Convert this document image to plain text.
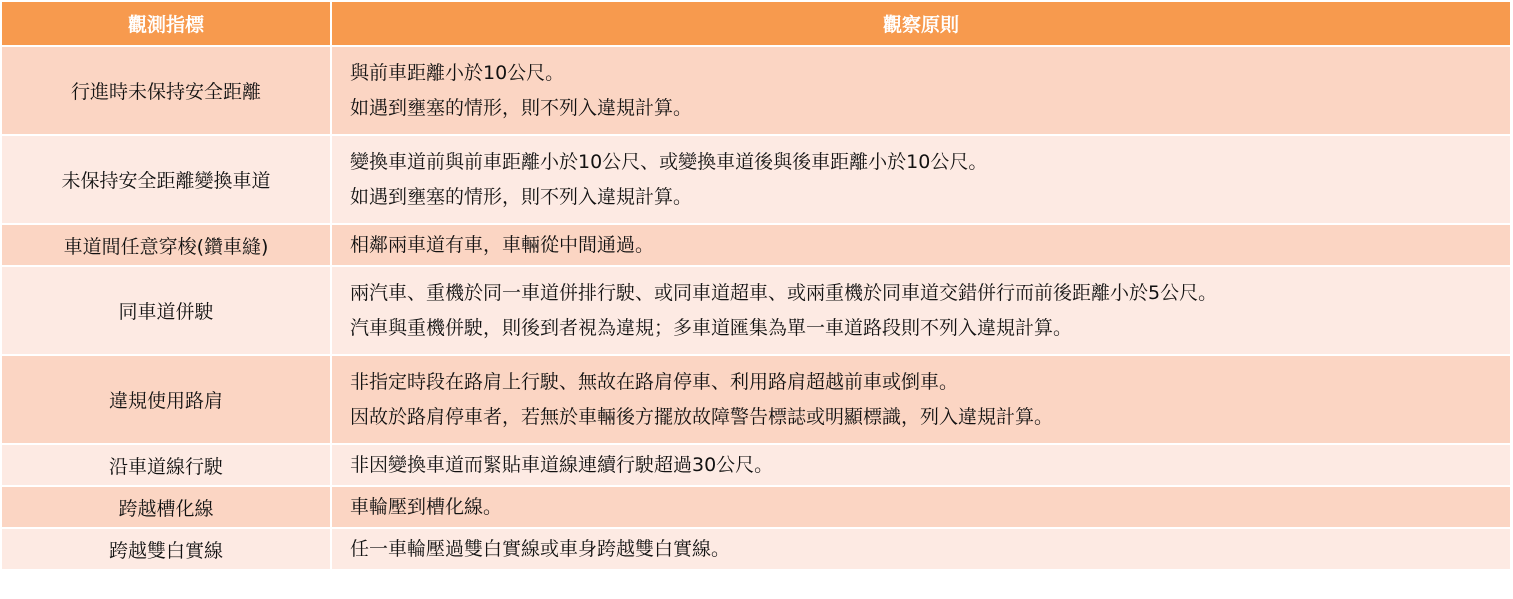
觀測指標	觀察原則
行進時未保持安全距離	與前車距離小於10公尺。
如遇到壅塞的情形，則不列入違規計算。

未保持安全距離變換車道	變換車道前與前車距離小於10公尺、或變換車道後與後車距離小於10公尺。
如遇到壅塞的情形，則不列入違規計算。

車道間任意穿梭(鑽車縫)	相鄰兩車道有車，車輛從中間通過。

同車道併駛	兩汽車、重機於同一車道併排行駛、或同車道超車、或兩重機於同車道交錯併行而前後距離小於5公尺。
汽車與重機併駛，則後到者視為違規；多車道匯集為單一車道路段則不列入違規計算。

違規使用路肩	非指定時段在路肩上行駛、無故在路肩停車、利用路肩超越前車或倒車。
因故於路肩停車者，若無於車輛後方擺放故障警告標誌或明顯標識，列入違規計算。

沿車道線行駛	非因變換車道而緊貼車道線連續行駛超過30公尺。

跨越槽化線	車輪壓到槽化線。

跨越雙白實線	任一車輪壓過雙白實線或車身跨越雙白實線。
